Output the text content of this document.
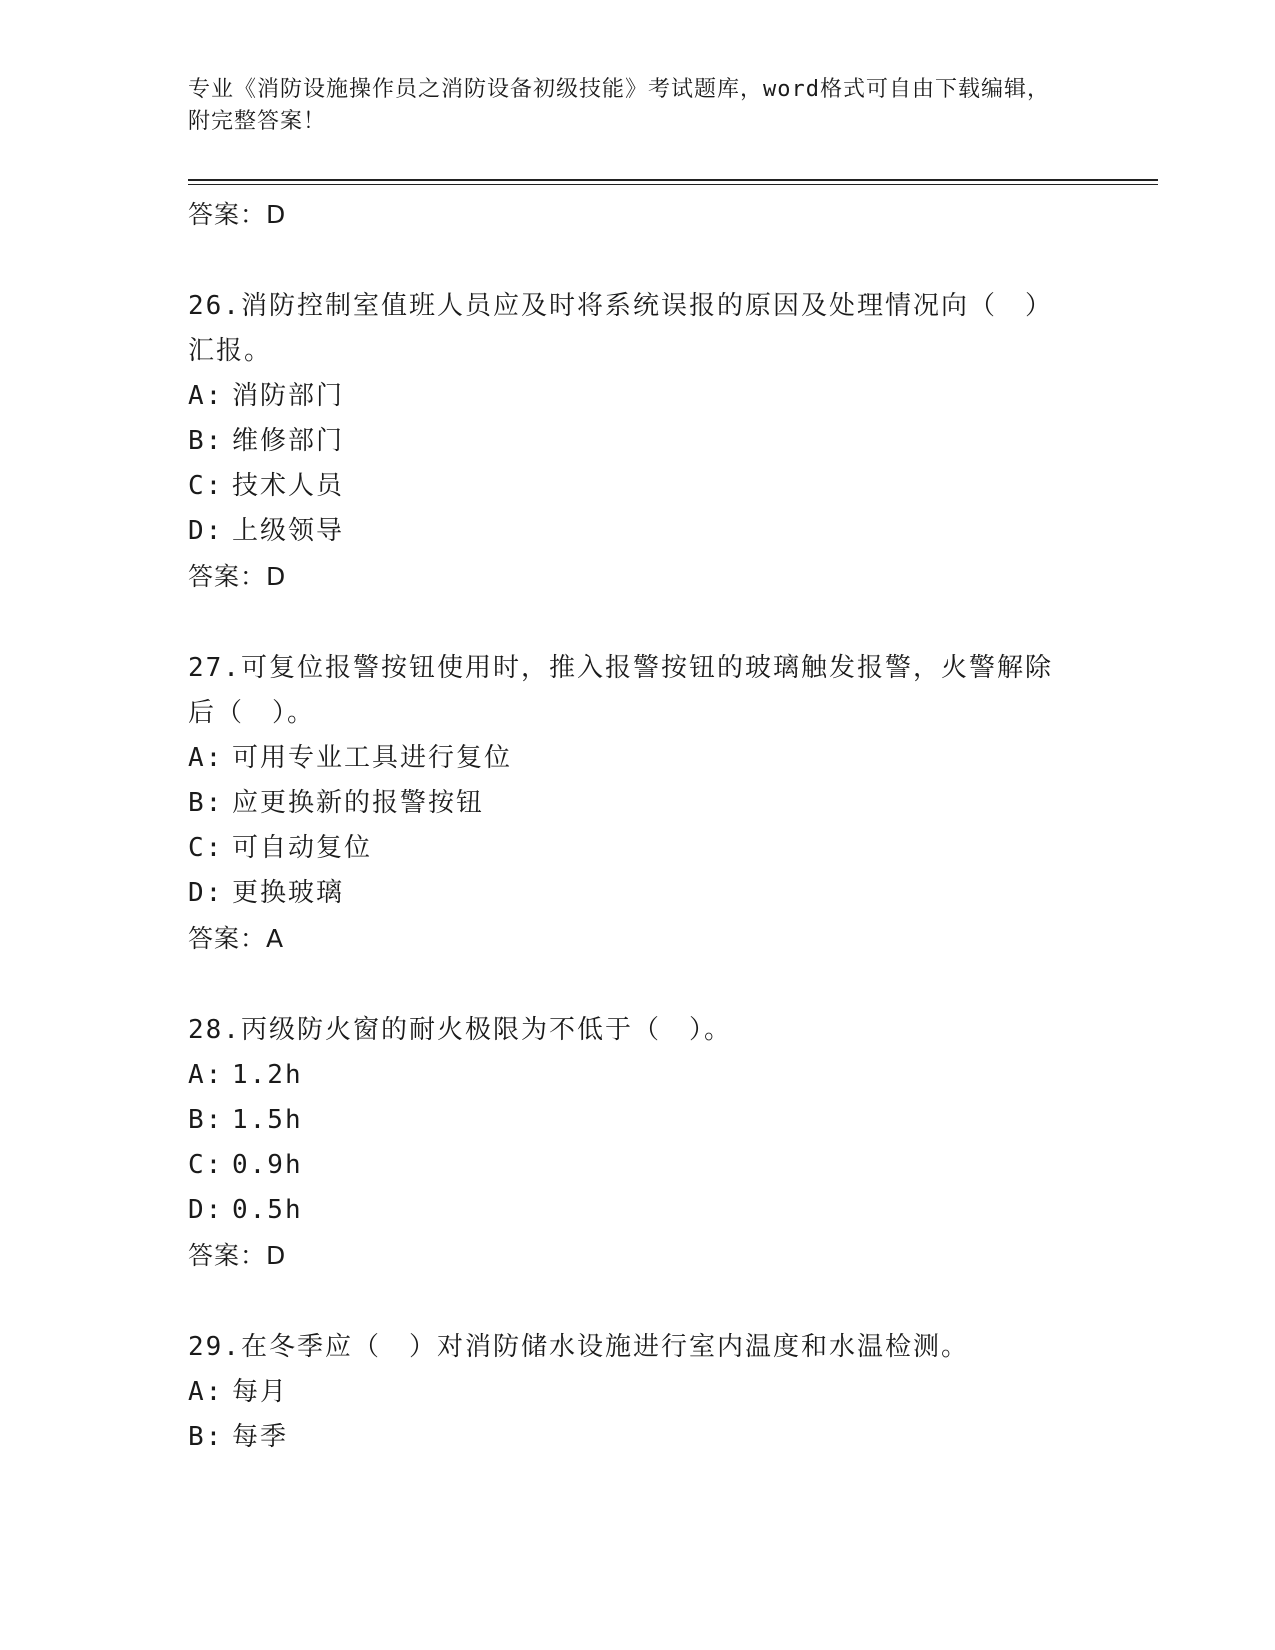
专业《消防设施操作员之消防设备初级技能》考试题库，word格式可自由下载编辑，附完整答案！
答案：D
26.消防控制室值班人员应及时将系统误报的原因及处理情况向（　）汇报。
A: 消防部门
B: 维修部门
C: 技术人员
D: 上级领导
答案：D
27.可复位报警按钮使用时，推入报警按钮的玻璃触发报警，火警解除后（　）。
A: 可用专业工具进行复位
B: 应更换新的报警按钮
C: 可自动复位
D: 更换玻璃
答案：A
28.丙级防火窗的耐火极限为不低于（　）。
A: 1.2h
B: 1.5h
C: 0.9h
D: 0.5h
答案：D
29.在冬季应（　）对消防储水设施进行室内温度和水温检测。
A: 每月
B: 每季
